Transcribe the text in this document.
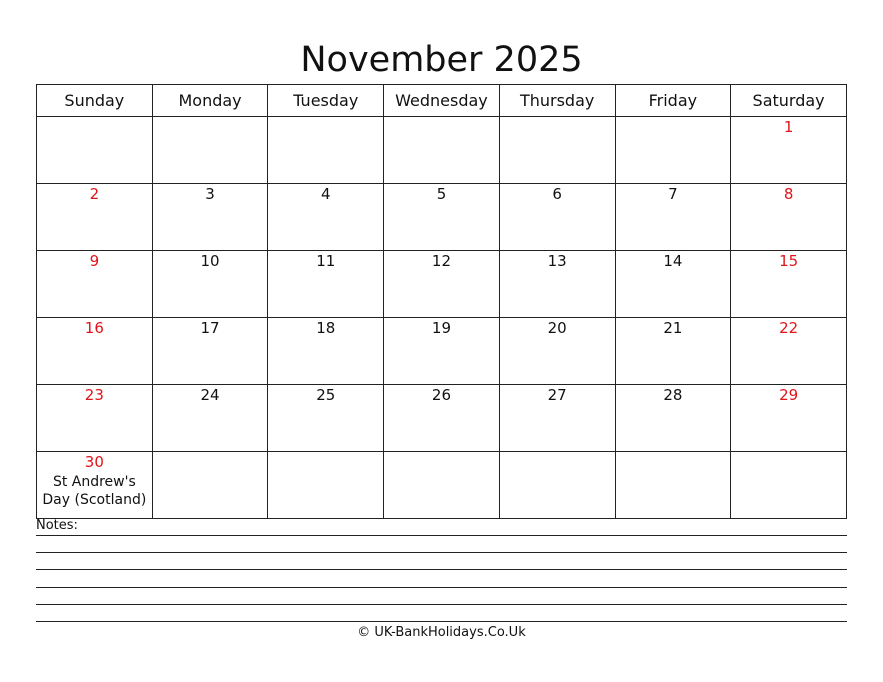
November 2025
Sunday	Monday	Tuesday	Wednesday	Thursday	Friday	Saturday

						1

2	3	4	5	6	7	8

9	10	11	12	13	14	15

16	17	18	19	20	21	22

23	24	25	26	27	28	29

30
St Andrew's Day (Scotland)						

Notes:
© UK-BankHolidays.Co.Uk
